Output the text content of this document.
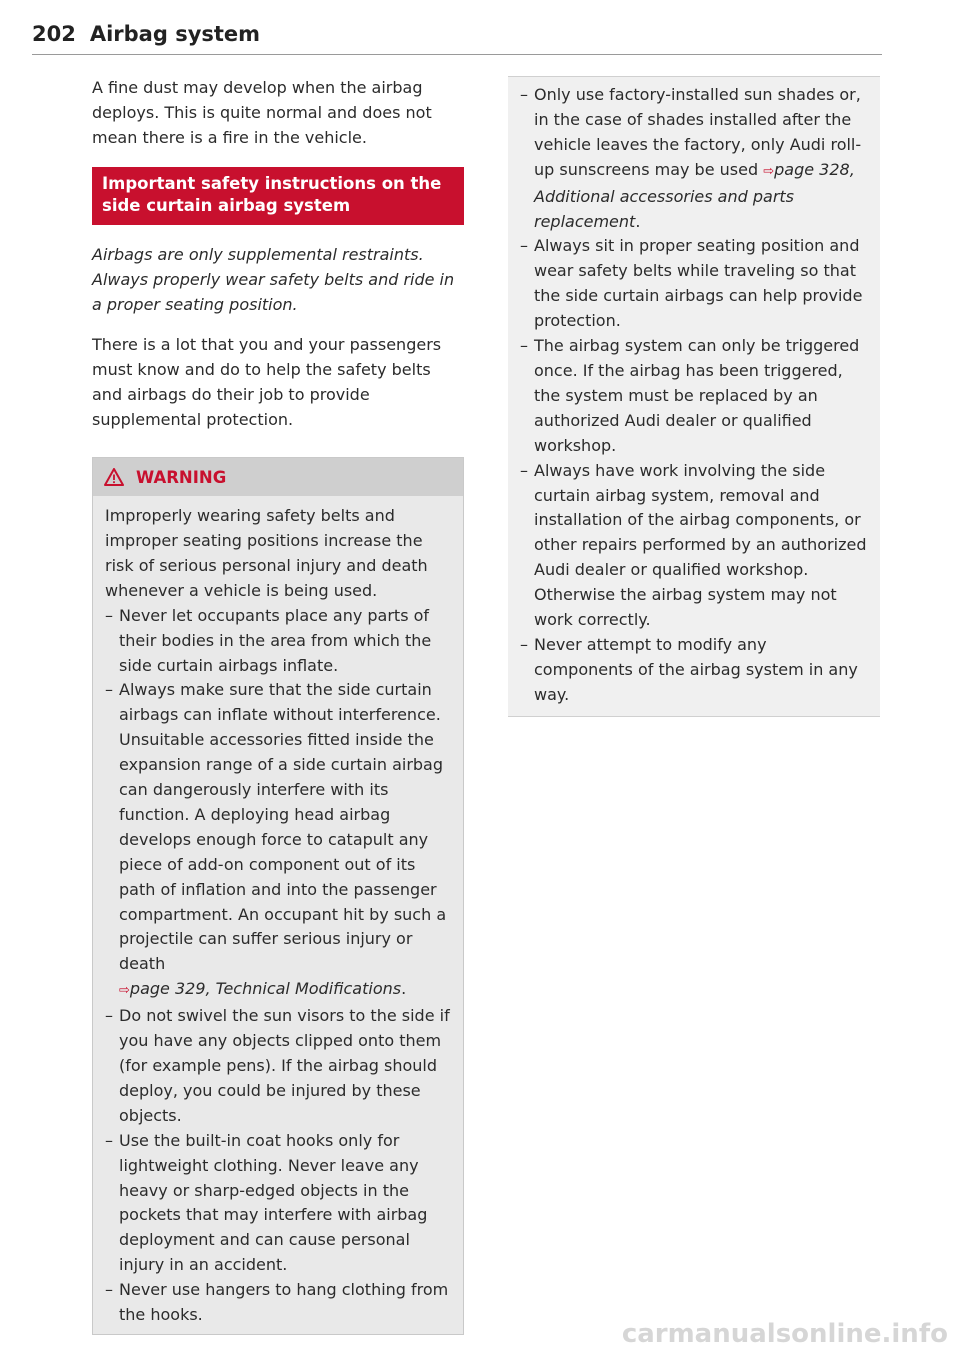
202 Airbag system

A fine dust may develop when the airbag deploys. This is quite normal and does not mean there is a fire in the vehicle.

Important safety instructions on the side curtain airbag system

Airbags are only supplemental restraints. Always properly wear safety belts and ride in a proper seating position.

There is a lot that you and your passengers must know and do to help the safety belts and airbags do their job to provide supplemental protection.

WARNING

Improperly wearing safety belts and improper seating positions increase the risk of serious personal injury and death whenever a vehicle is being used.

– Never let occupants place any parts of their bodies in the area from which the side curtain airbags inflate.
– Always make sure that the side curtain airbags can inflate without interference. Unsuitable accessories fitted inside the expansion range of a side curtain airbag can dangerously interfere with its function. A deploying head airbag develops enough force to catapult any piece of add-on component out of its path of inflation and into the passenger compartment. An occupant hit by such a projectile can suffer serious injury or death
⇨page 329, Technical Modifications.
– Do not swivel the sun visors to the side if you have any objects clipped onto them (for example pens). If the airbag should deploy, you could be injured by these objects.
– Use the built-in coat hooks only for lightweight clothing. Never leave any heavy or sharp-edged objects in the pockets that may interfere with airbag deployment and can cause personal injury in an accident.
– Never use hangers to hang clothing from the hooks.
– Only use factory-installed sun shades or, in the case of shades installed after the vehicle leaves the factory, only Audi roll-up sunscreens may be used ⇨page 328, Additional accessories and parts replacement.
– Always sit in proper seating position and wear safety belts while traveling so that the side curtain airbags can help provide protection.
– The airbag system can only be triggered once. If the airbag has been triggered, the system must be replaced by an authorized Audi dealer or qualified workshop.
– Always have work involving the side curtain airbag system, removal and installation of the airbag components, or other repairs performed by an authorized Audi dealer or qualified workshop. Otherwise the airbag system may not work correctly.
– Never attempt to modify any components of the airbag system in any way.
carmanualsonline.info
